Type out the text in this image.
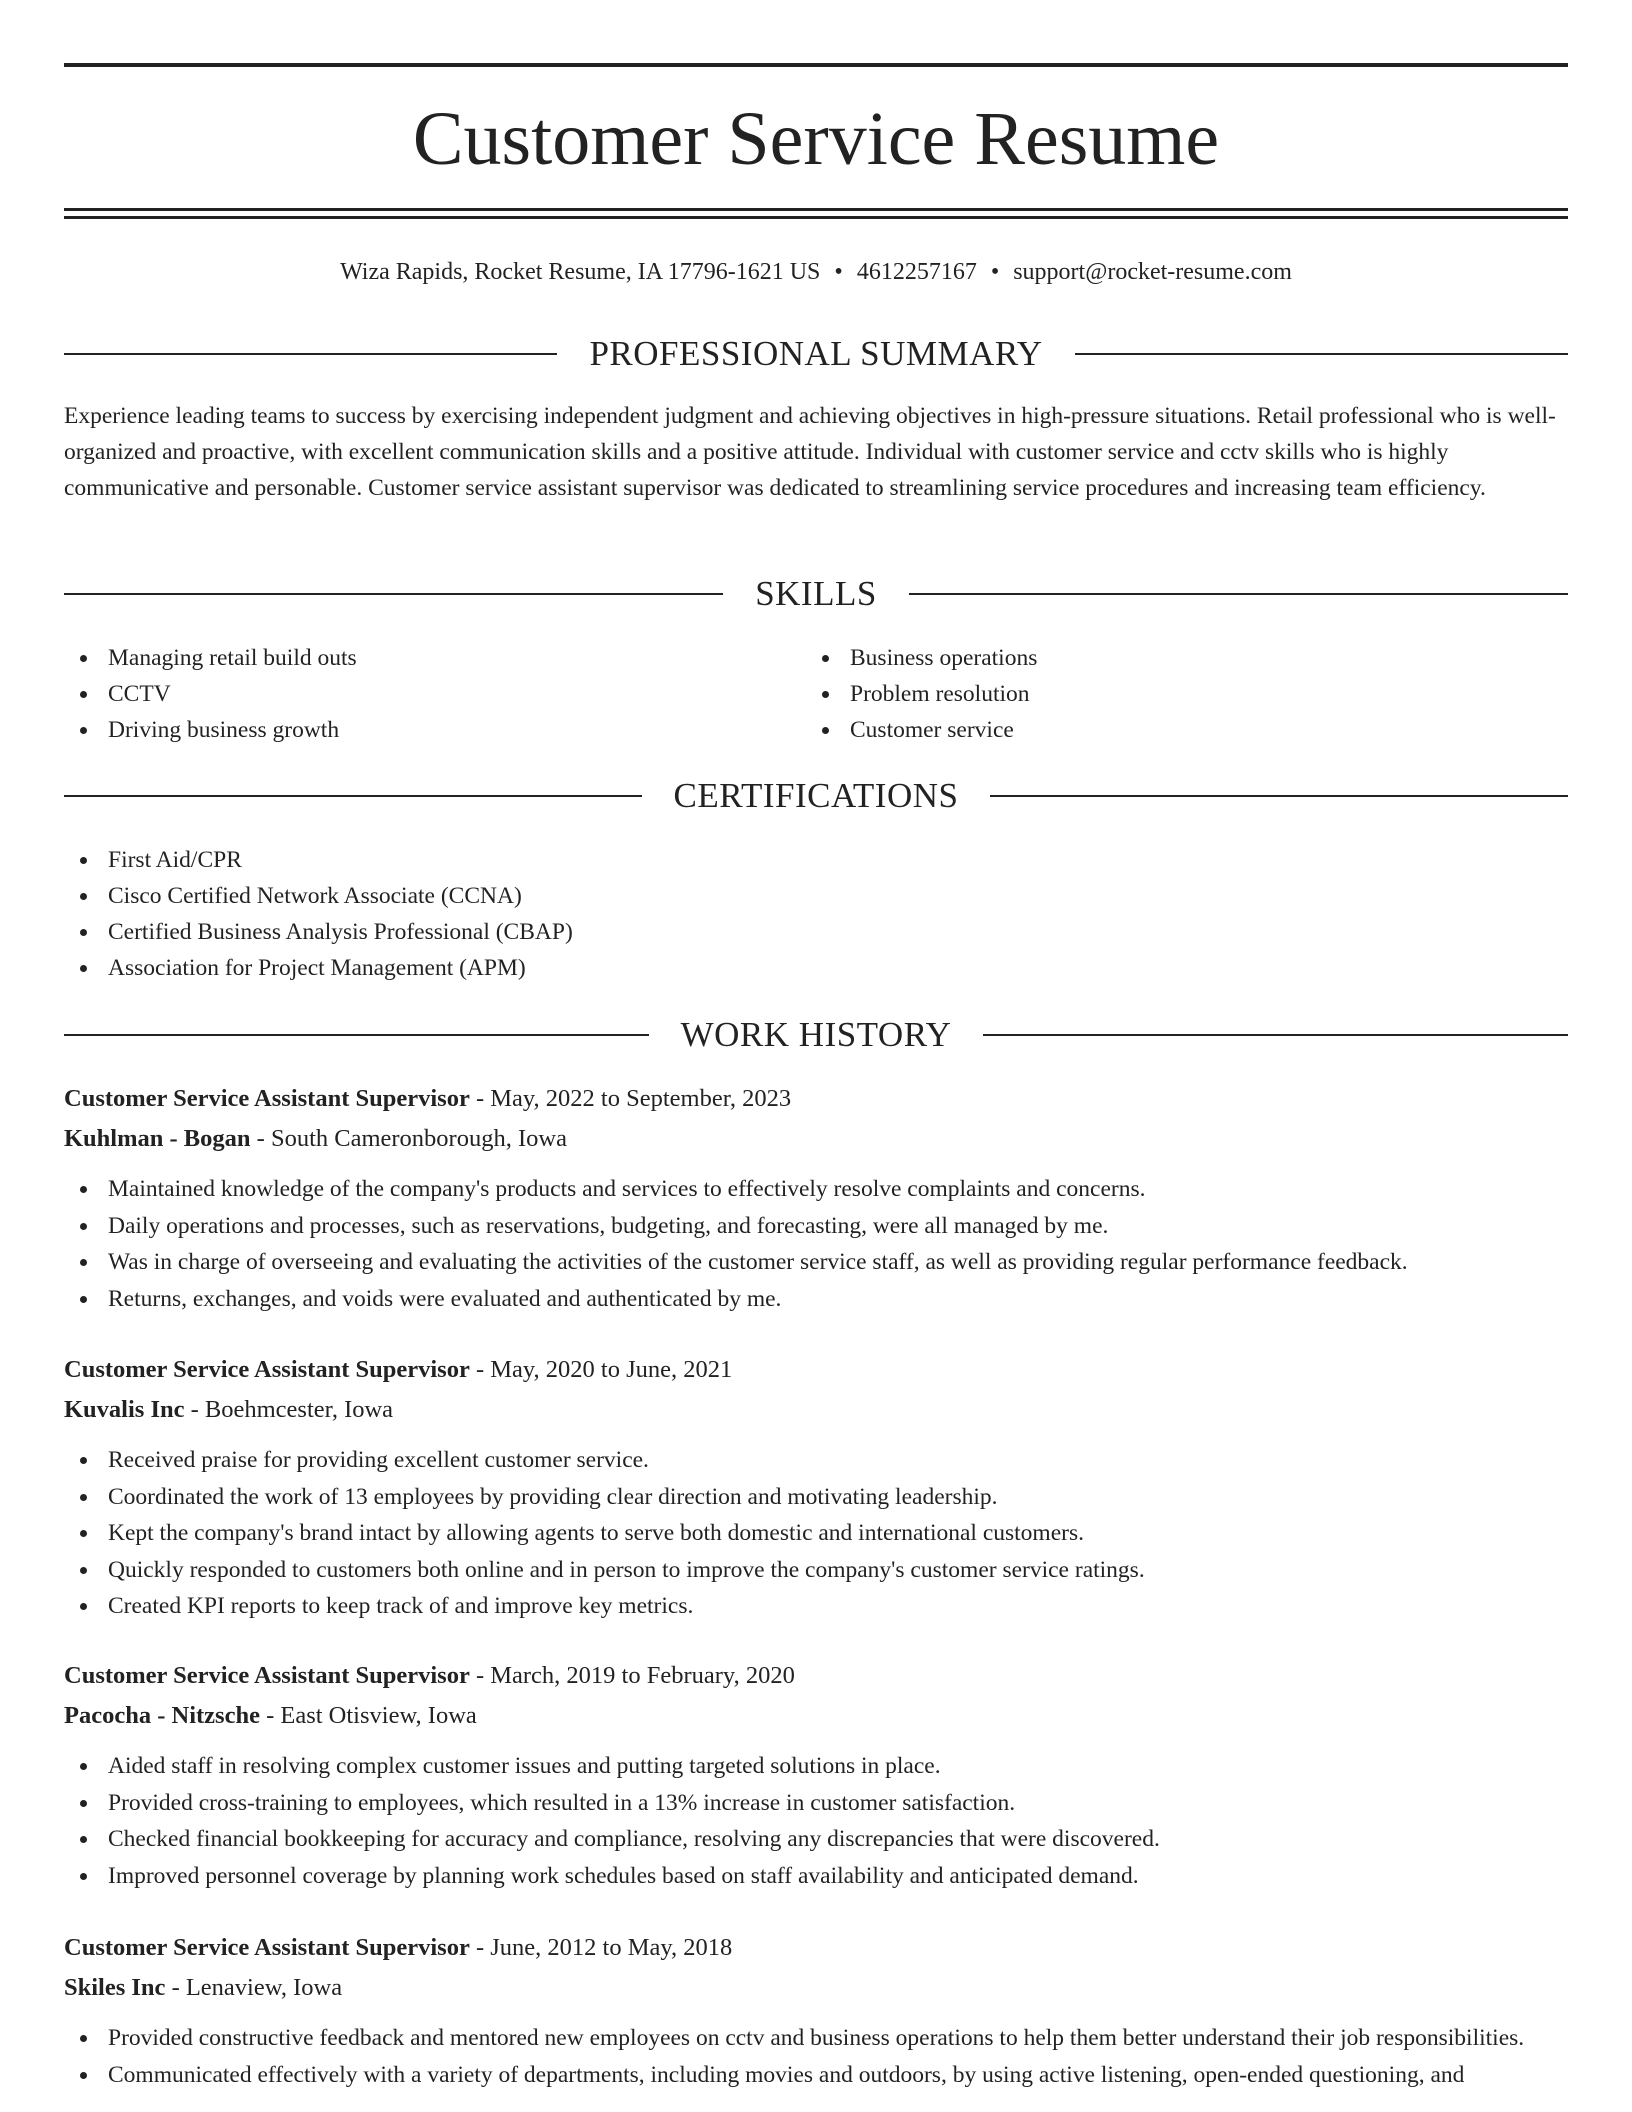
Customer Service Resume
Wiza Rapids, Rocket Resume, IA 17796-1621 US • 4612257167 • support@rocket-resume.com
PROFESSIONAL SUMMARY

Experience leading teams to success by exercising independent judgment and achieving objectives in high-pressure situations. Retail professional who is well-organized and proactive, with excellent communication skills and a positive attitude. Individual with customer service and cctv skills who is highly communicative and personable. Customer service assistant supervisor was dedicated to streamlining service procedures and increasing team efficiency.

SKILLS
Managing retail build outs
CCTV
Driving business growth
Business operations
Problem resolution
Customer service
CERTIFICATIONS
First Aid/CPR
Cisco Certified Network Associate (CCNA)
Certified Business Analysis Professional (CBAP)
Association for Project Management (APM)
WORK HISTORY
Customer Service Assistant Supervisor - May, 2022 to September, 2023
Kuhlman - Bogan - South Cameronborough, Iowa
Maintained knowledge of the company's products and services to effectively resolve complaints and concerns.
Daily operations and processes, such as reservations, budgeting, and forecasting, were all managed by me.
Was in charge of overseeing and evaluating the activities of the customer service staff, as well as providing regular performance feedback.
Returns, exchanges, and voids were evaluated and authenticated by me.
Customer Service Assistant Supervisor - May, 2020 to June, 2021
Kuvalis Inc - Boehmcester, Iowa
Received praise for providing excellent customer service.
Coordinated the work of 13 employees by providing clear direction and motivating leadership.
Kept the company's brand intact by allowing agents to serve both domestic and international customers.
Quickly responded to customers both online and in person to improve the company's customer service ratings.
Created KPI reports to keep track of and improve key metrics.
Customer Service Assistant Supervisor - March, 2019 to February, 2020
Pacocha - Nitzsche - East Otisview, Iowa
Aided staff in resolving complex customer issues and putting targeted solutions in place.
Provided cross-training to employees, which resulted in a 13% increase in customer satisfaction.
Checked financial bookkeeping for accuracy and compliance, resolving any discrepancies that were discovered.
Improved personnel coverage by planning work schedules based on staff availability and anticipated demand.
Customer Service Assistant Supervisor - June, 2012 to May, 2018
Skiles Inc - Lenaview, Iowa
Provided constructive feedback and mentored new employees on cctv and business operations to help them better understand their job responsibilities.
Communicated effectively with a variety of departments, including movies and outdoors, by using active listening, open-ended questioning, and
